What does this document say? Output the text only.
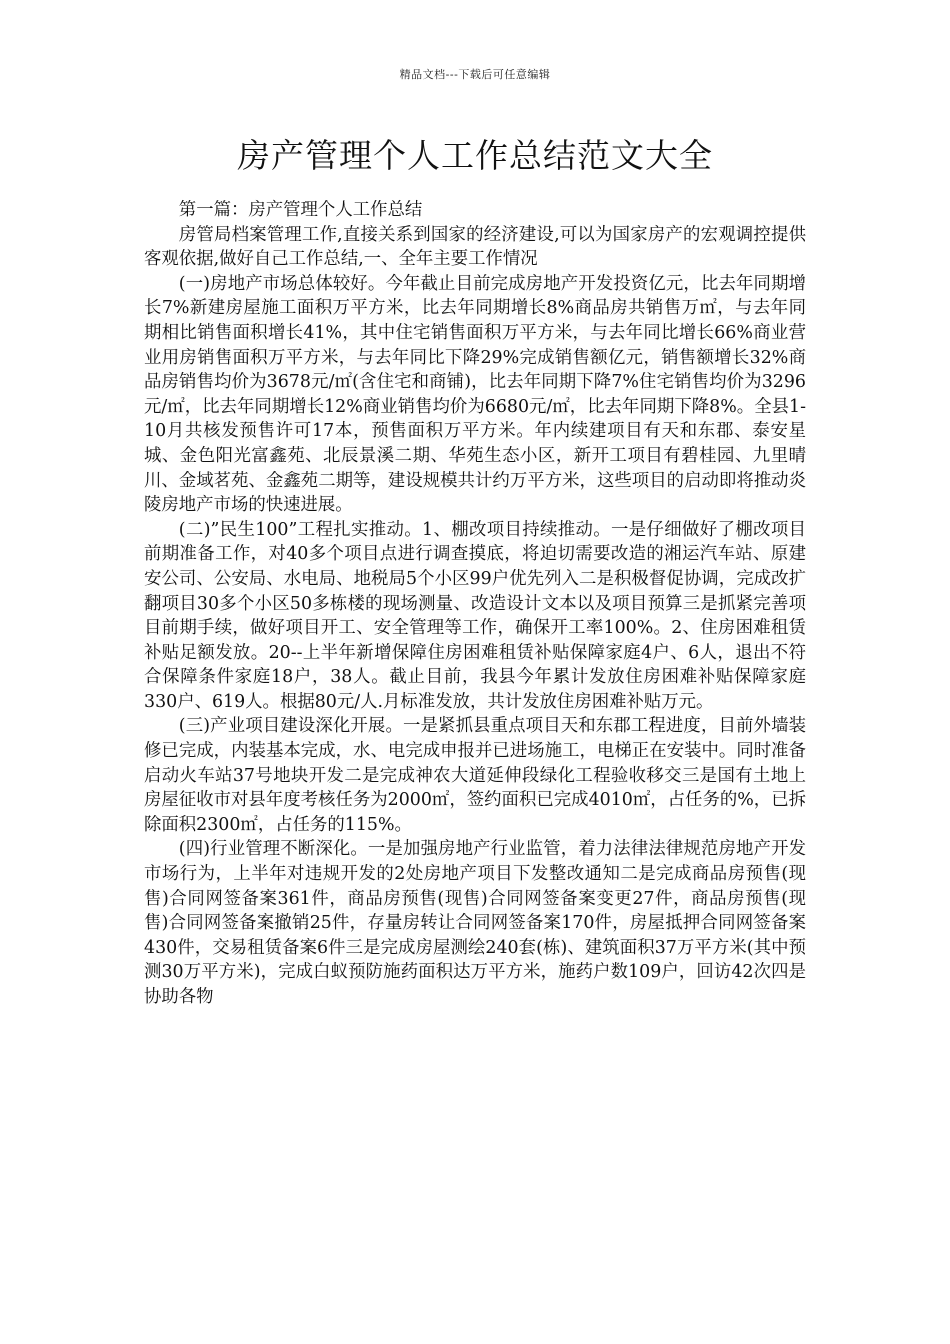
精品文档---下载后可任意编辑
房产管理个人工作总结范文大全

第一篇：房产管理个人工作总结

房管局档案管理工作,直接关系到国家的经济建设,可以为国家房产的宏观调控提供客观依据,做好自己工作总结,一、全年主要工作情况

(一)房地产市场总体较好。今年截止目前完成房地产开发投资亿元，比去年同期增长7%新建房屋施工面积万平方米，比去年同期增长8%商品房共销售万㎡，与去年同期相比销售面积增长41%，其中住宅销售面积万平方米，与去年同比增长66%商业营业用房销售面积万平方米，与去年同比下降29%完成销售额亿元，销售额增长32%商品房销售均价为3678元/㎡(含住宅和商铺)，比去年同期下降7%住宅销售均价为3296元/㎡，比去年同期增长12%商业销售均价为6680元/㎡，比去年同期下降8%。全县1-10月共核发预售许可17本，预售面积万平方米。年内续建项目有天和东郡、泰安星城、金色阳光富鑫苑、北辰景溪二期、华苑生态小区，新开工项目有碧桂园、九里晴川、金域茗苑、金鑫苑二期等，建设规模共计约万平方米，这些项目的启动即将推动炎陵房地产市场的快速进展。

(二)”民生100”工程扎实推动。1、棚改项目持续推动。一是仔细做好了棚改项目前期准备工作，对40多个项目点进行调查摸底，将迫切需要改造的湘运汽车站、原建安公司、公安局、水电局、地税局5个小区99户优先列入二是积极督促协调，完成改扩翻项目30多个小区50多栋楼的现场测量、改造设计文本以及项目预算三是抓紧完善项目前期手续，做好项目开工、安全管理等工作，确保开工率100%。2、住房困难租赁补贴足额发放。20--上半年新增保障住房困难租赁补贴保障家庭4户、6人，退出不符合保障条件家庭18户，38人。截止目前，我县今年累计发放住房困难补贴保障家庭330户、619人。根据80元/人.月标准发放，共计发放住房困难补贴万元。

(三)产业项目建设深化开展。一是紧抓县重点项目天和东郡工程进度，目前外墙装修已完成，内装基本完成，水、电完成申报并已进场施工，电梯正在安装中。同时准备启动火车站37号地块开发二是完成神农大道延伸段绿化工程验收移交三是国有土地上房屋征收市对县年度考核任务为2000㎡，签约面积已完成4010㎡，占任务的%，已拆除面积2300㎡，占任务的115%。

(四)行业管理不断深化。一是加强房地产行业监管，着力法律法律规范房地产开发市场行为，上半年对违规开发的2处房地产项目下发整改通知二是完成商品房预售(现售)合同网签备案361件，商品房预售(现售)合同网签备案变更27件，商品房预售(现售)合同网签备案撤销25件，存量房转让合同网签备案170件，房屋抵押合同网签备案430件，交易租赁备案6件三是完成房屋测绘240套(栋)、建筑面积37万平方米(其中预测30万平方米)，完成白蚁预防施药面积达万平方米，施药户数109户，回访42次四是协助各物
